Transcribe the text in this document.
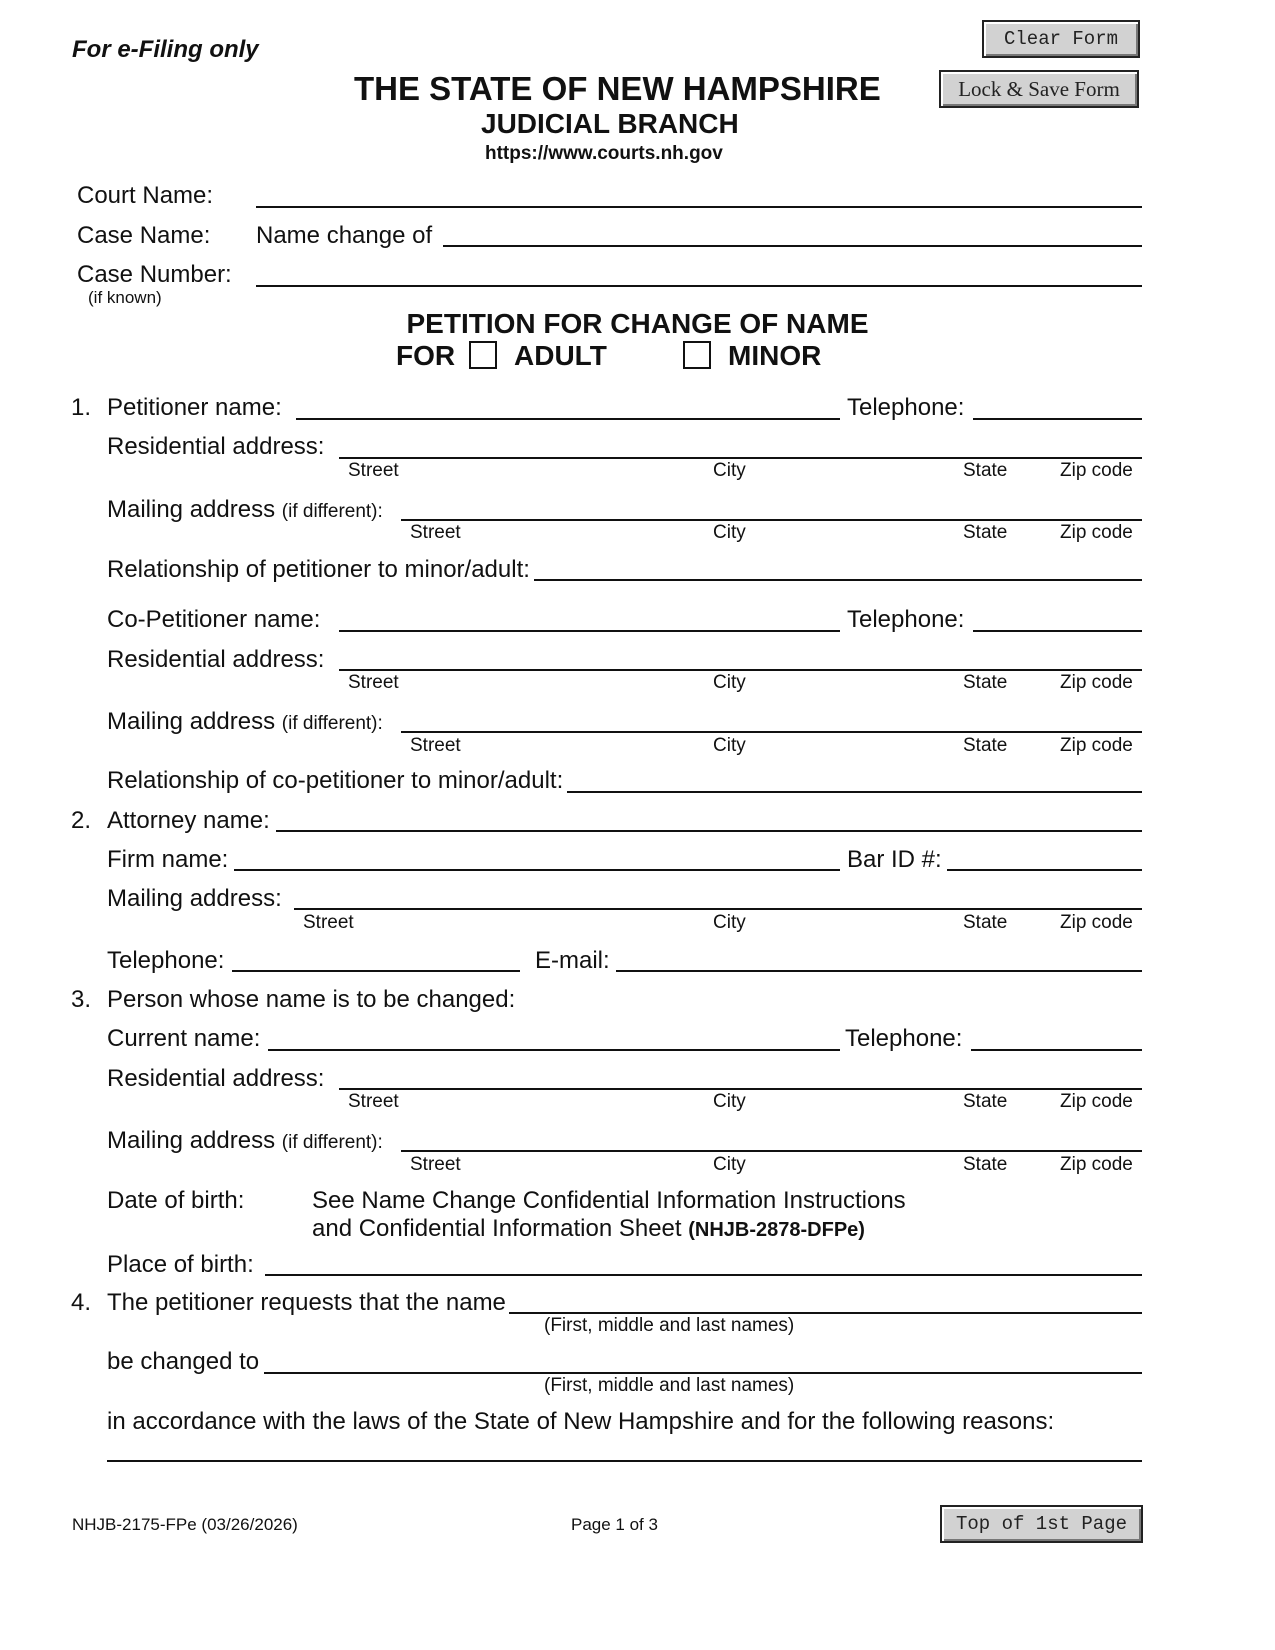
For e-Filing only	Clear Form
Lock & Save Form
THE STATE OF NEW HAMPSHIRE
JUDICIAL BRANCH
https://www.courts.nh.gov
Court Name:
Case Name: Name change of
Case Number:
(if known)
PETITION FOR CHANGE OF NAME
FOR ADULT	MINOR
1. Petitioner name:	Telephone:
Residential address:
Street	City	State	Zip code
Mailing address (if different):
Street	City	State	Zip code
Relationship of petitioner to minor/adult:
Co-Petitioner name:	Telephone:
Residential address:
Street	City	State	Zip code
Mailing address (if different):
Street	City	State	Zip code
Relationship of co-petitioner to minor/adult:
2. Attorney name:
Firm name:	Bar ID #:
Mailing address:
Street	City	State	Zip code
Telephone:	E-mail:
3. Person whose name is to be changed:
Current name:	Telephone:
Residential address:
Street	City	State	Zip code
Mailing address (if different):
Street	City	State	Zip code
Date of birth:	See Name Change Confidential Information Instructions
and Confidential Information Sheet (NHJB-2878-DFPe)
Place of birth:
4. The petitioner requests that the name
(First, middle and last names)
be changed to
(First, middle and last names)
in accordance with the laws of the State of New Hampshire and for the following reasons:
NHJB-2175-FPe (03/26/2026)	Page 1 of 3	Top of 1st Page
